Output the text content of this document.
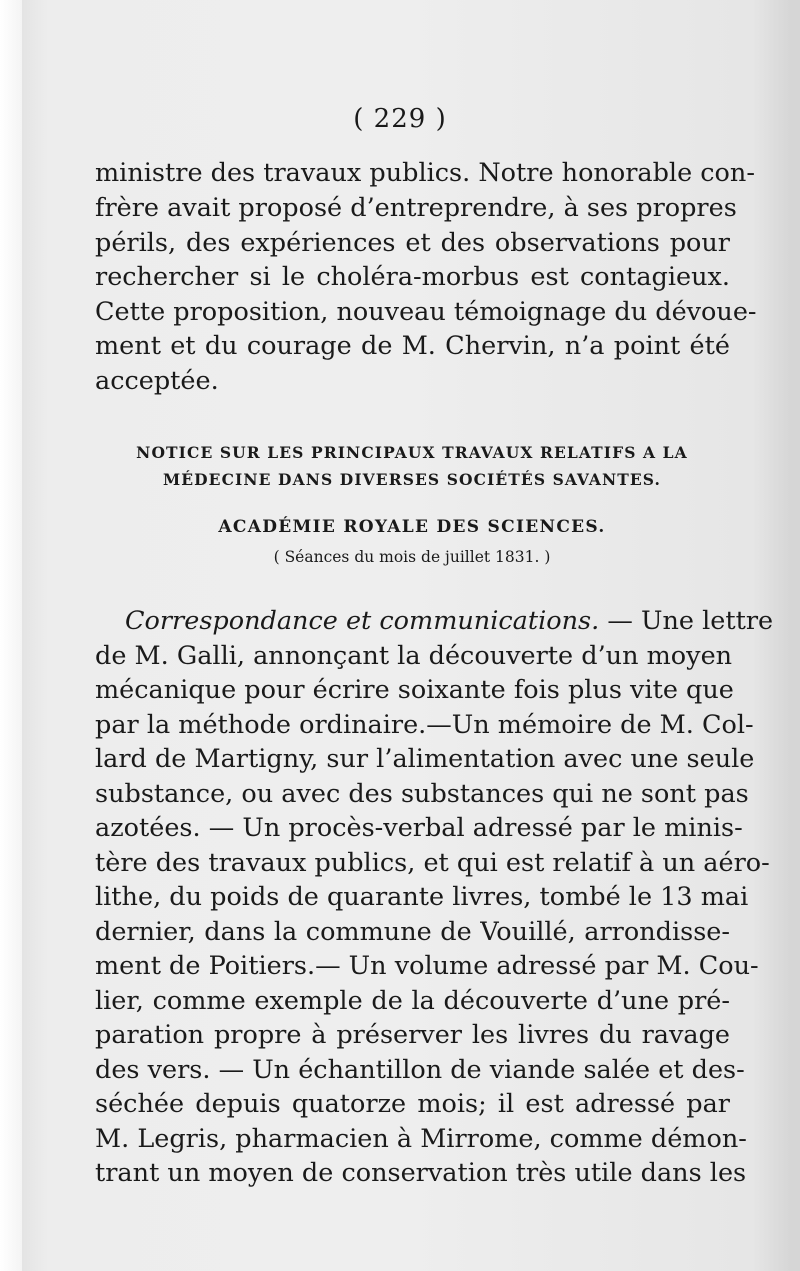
( 229 )
ministre des travaux publics. Notre honorable con-
frère avait proposé d’entreprendre, à ses propres
périls, des expériences et des observations pour
rechercher si le choléra-morbus est contagieux.
Cette proposition, nouveau témoignage du dévoue-
ment et du courage de M. Chervin, n’a point été
acceptée.
NOTICE SUR LES PRINCIPAUX TRAVAUX RELATIFS A LA
MÉDECINE DANS DIVERSES SOCIÉTÉS SAVANTES.
ACADÉMIE ROYALE DES SCIENCES.
( Séances du mois de juillet 1831. )
Correspondance et communications. — Une lettre
de M. Galli, annonçant la découverte d’un moyen
mécanique pour écrire soixante fois plus vite que
par la méthode ordinaire.—Un mémoire de M. Col-
lard de Martigny, sur l’alimentation avec une seule
substance, ou avec des substances qui ne sont pas
azotées. — Un procès-verbal adressé par le minis-
tère des travaux publics, et qui est relatif à un aéro-
lithe, du poids de quarante livres, tombé le 13 mai
dernier, dans la commune de Vouillé, arrondisse-
ment de Poitiers.— Un volume adressé par M. Cou-
lier, comme exemple de la découverte d’une pré-
paration propre à préserver les livres du ravage
des vers. — Un échantillon de viande salée et des-
séchée depuis quatorze mois; il est adressé par
M. Legris, pharmacien à Mirrome, comme démon-
trant un moyen de conservation très utile dans les
